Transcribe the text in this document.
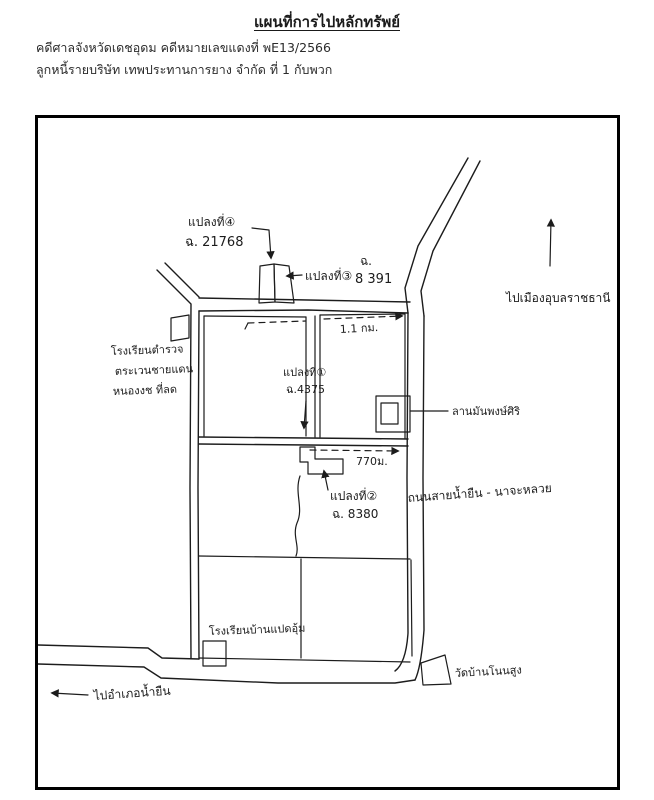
แผนที่การไปหลักทรัพย์
คดีศาลจังหวัดเดชอุดม คดีหมายเลขแดงที่ พE13/2566
ลูกหนี้รายบริษัท เทพประทานการยาง จำกัด ที่ 1 กับพวก
แปลงที่④
ฉ. 21768
แปลงที่③
ฉ.
8 391
แปลงที่①
ฉ.4375
แปลงที่②
ฉ. 8380
1.1 กม.
770ม.
โรงเรียนตำรวจ
ตระเวนชายแดน
หนองงช ที่ลด
ลานมันพงษ์ศิริ
ไปเมืองอุบลราชธานี
ถนนสายน้ำยืน - นาจะหลวย
ไปอำเภอน้ำยืน
โรงเรียนบ้านแปดอุ้ม
วัดบ้านโนนสูง
